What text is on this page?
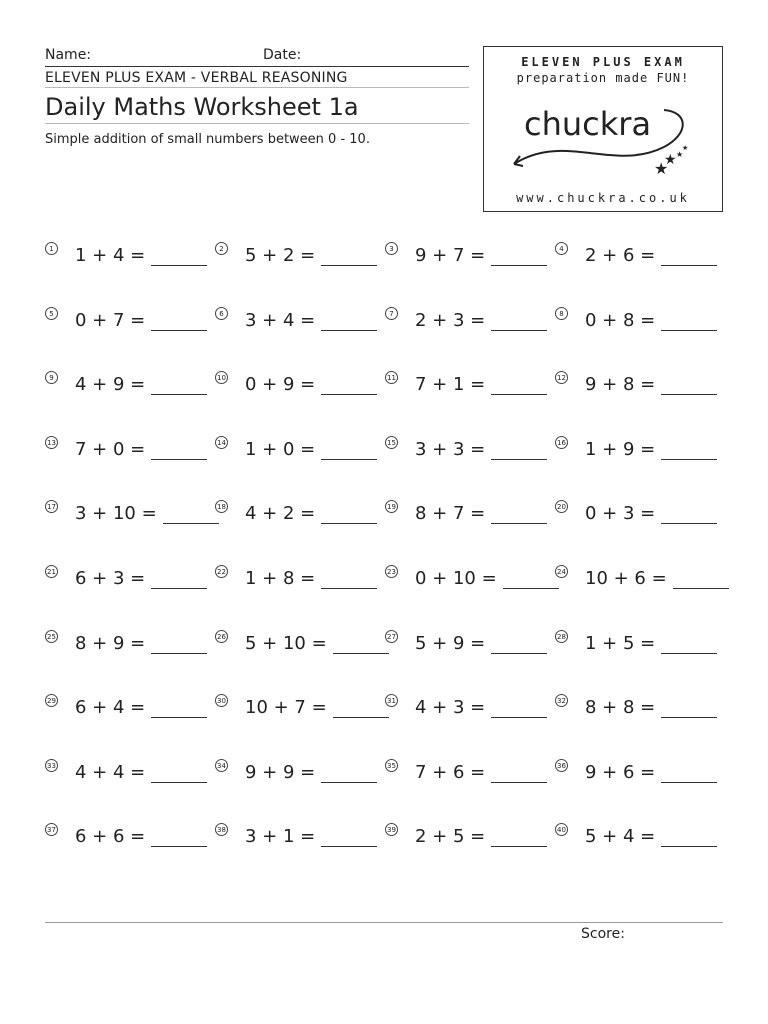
Name:	Date:
ELEVEN PLUS EXAM - VERBAL REASONING
Daily Maths Worksheet 1a
Simple addition of small numbers between 0 - 10.
ELEVEN PLUS EXAM
preparation made FUN!
★ ★
★
★
chuckra
www.chuckra.co.uk
1 1 + 4 =	2 5 + 2 =	3 9 + 7 =	4 2 + 6 =
5 0 + 7 =	6 3 + 4 =	7 2 + 3 =	8 0 + 8 =
9 4 + 9 =	10 0 + 9 =	11 7 + 1 =	12 9 + 8 =
13 7 + 0 =	14 1 + 0 =	15 3 + 3 =	16 1 + 9 =
17 3 + 10 =	18 4 + 2 =	19 8 + 7 =	20 0 + 3 =
21 6 + 3 =	22 1 + 8 =	23 0 + 10 =	24 10 + 6 =
25 8 + 9 =	26 5 + 10 =	27 5 + 9 =	28 1 + 5 =
29 6 + 4 =	30 10 + 7 =	31 4 + 3 =	32 8 + 8 =
33 4 + 4 =	34 9 + 9 =	35 7 + 6 =	36 9 + 6 =
37 6 + 6 =	38 3 + 1 =	39 2 + 5 =	40 5 + 4 =
Score:
